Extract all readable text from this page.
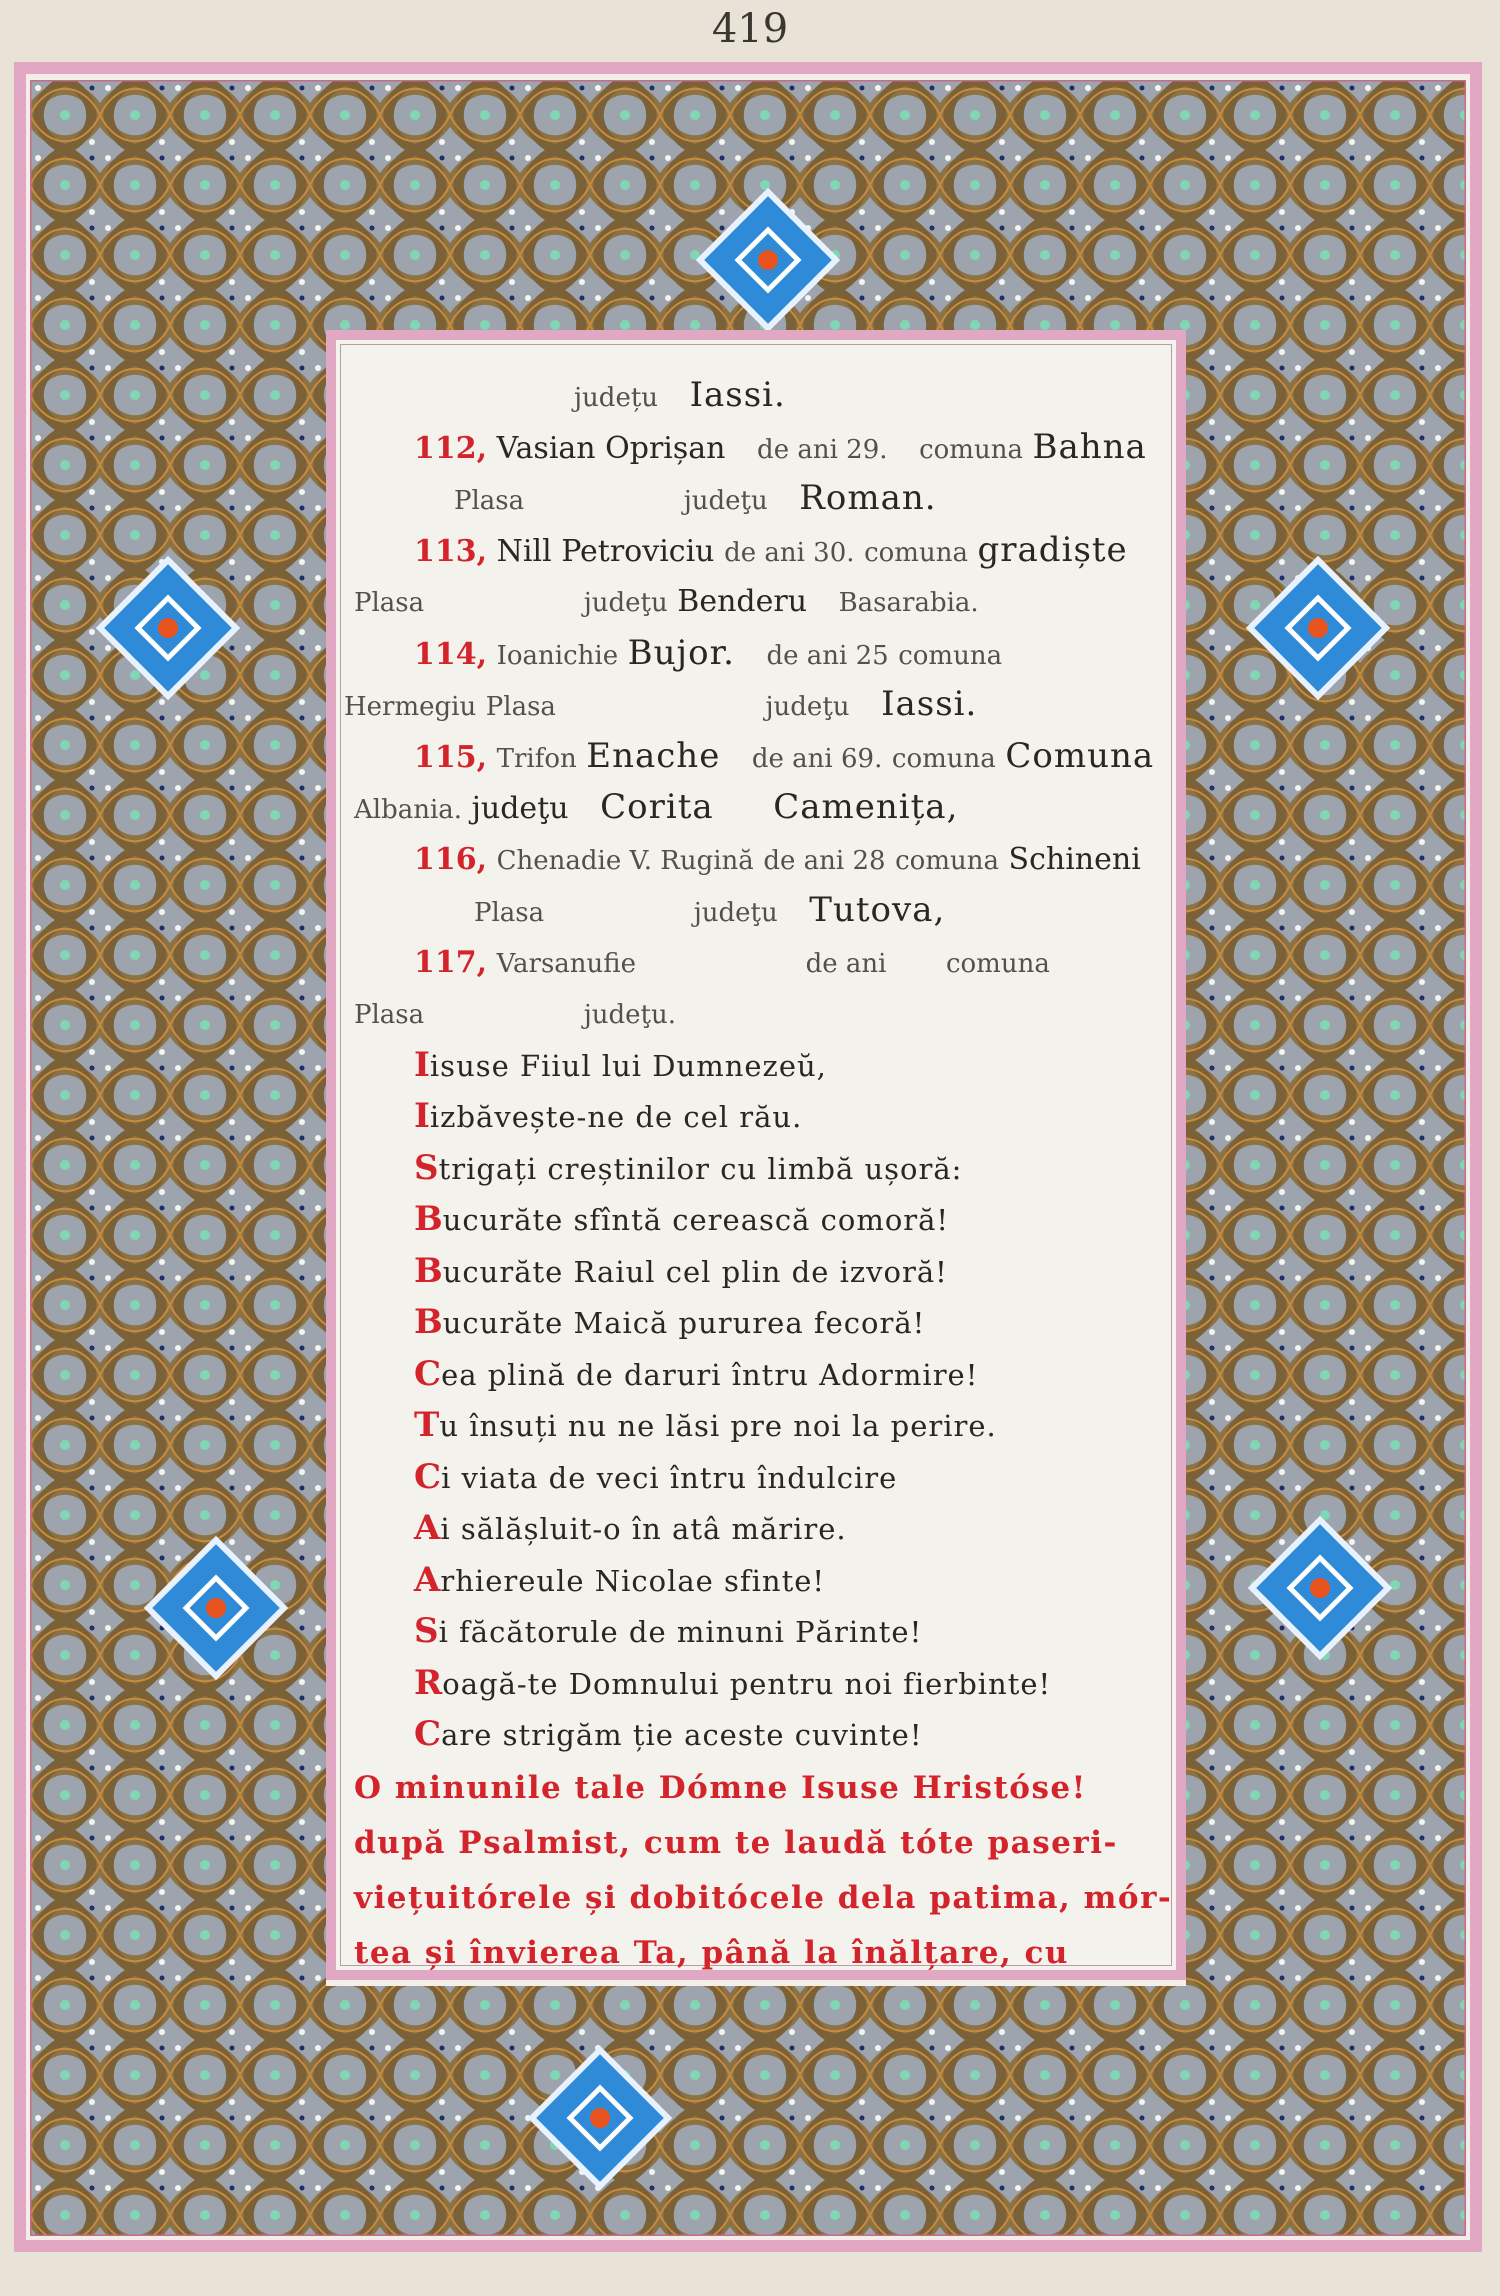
419
județu Iassi.
112, Vasian Oprișan de ani 29. comuna Bahna
Plasa	judeţu Roman.
113, Nill Petroviciu de ani 30. comuna gradiște
Plasa	judeţu Benderu Basarabia.
114, Ioanichie Bujor. de ani 25 comuna
Hermegiu Plasa	judeţu Iassi.
115, Trifon Enache de ani 69. comuna Comuna
Albania. judeţu Corita Camenița,
116, Chenadie V. Rugină de ani 28 comuna Schineni
Plasa	judeţu Tutova,
117, Varsanufie	de ani comuna
Plasa	judeţu.
Iisuse Fiiul lui Dumnezeŭ,
Iizbăvește-ne de cel rău.
Strigați creștinilor cu limbă ușoră:
Bucurăte sfîntă cerească comoră!
Bucurăte Raiul cel plin de izvoră!
Bucurăte Maică pururea fecoră!
Cea plină de daruri întru Adormire!
Tu însuți nu ne lăsi pre noi la perire.
Ci viata de veci întru îndulcire
Ai sălășluit-o în atâ mărire.
Arhiereule Nicolae sfinte!
Si făcătorule de minuni Părinte!
Roagă-te Domnului pentru noi fierbinte!
Care strigăm ție aceste cuvinte!
O minunile tale Dómne Isuse Hristóse!
după Psalmist, cum te laudă tóte paseri-
viețuitórele și dobitócele dela patima, mór-
tea și învierea Ta, până la înălțare, cu
